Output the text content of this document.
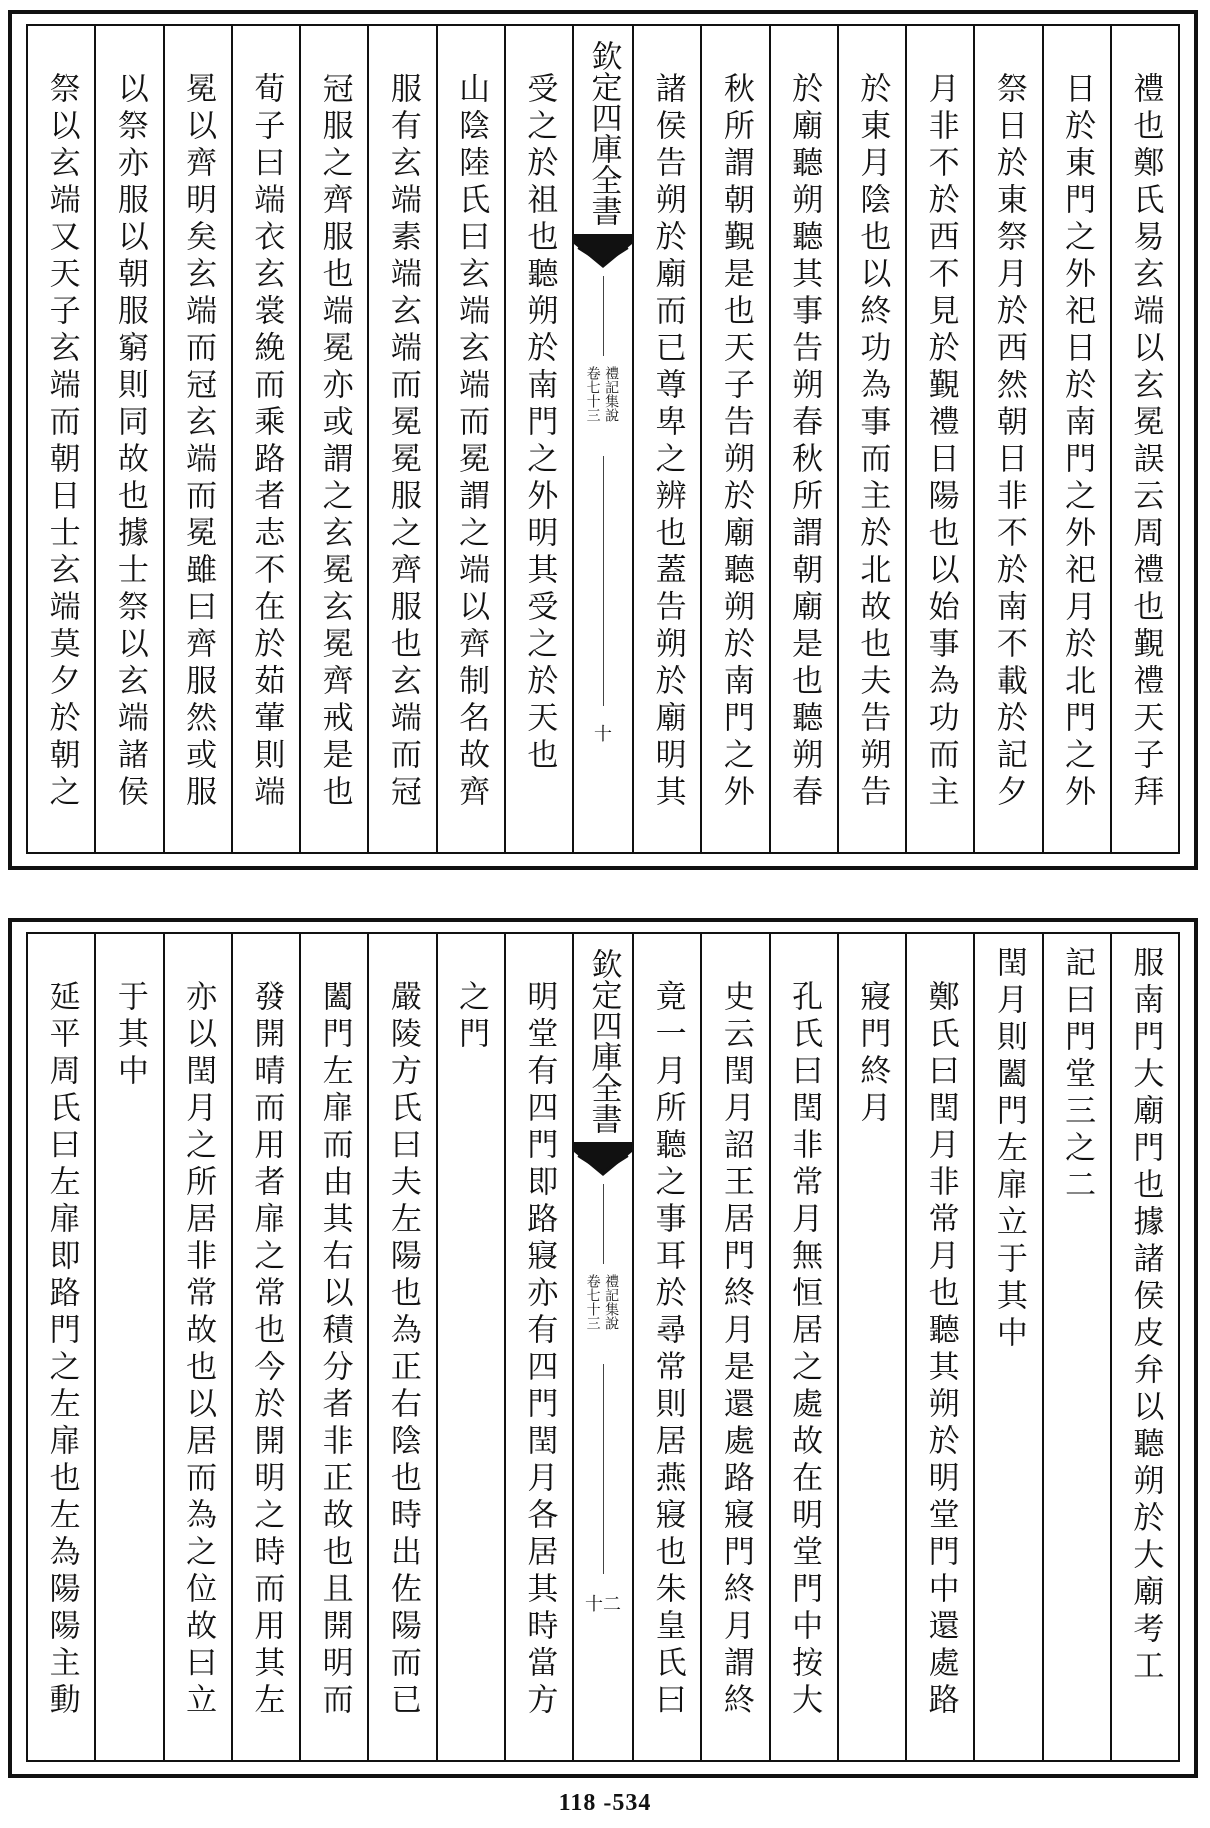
禮也鄭氏易玄端以玄冕誤云周禮也覲禮天子拜
日於東門之外祀日於南門之外祀月於北門之外
祭日於東祭月於西然朝日非不於南不載於記夕
月非不於西不見於覲禮日陽也以始事為功而主
於東月陰也以終功為事而主於北故也夫告朔告
於廟聽朔聽其事告朔春秋所謂朝廟是也聽朔春
秋所謂朝覲是也天子告朔於廟聽朔於南門之外
諸侯告朔於廟而已尊卑之辨也蓋告朔於廟明其
欽定四庫全書
禮記集說
卷七十三
十
受之於祖也聽朔於南門之外明其受之於天也
山陰陸氏曰玄端玄端而冕謂之端以齊制名故齊
服有玄端素端玄端而冕冕服之齊服也玄端而冠
冠服之齊服也端冕亦或謂之玄冕玄冕齊戒是也
荀子曰端衣玄裳絻而乘路者志不在於茹葷則端
冕以齊明矣玄端而冠玄端而冕雖曰齊服然或服
以祭亦服以朝服窮則同故也據士祭以玄端諸侯
祭以玄端又天子玄端而朝日士玄端莫夕於朝之
服南門大廟門也據諸侯皮弁以聽朔於大廟考工
記曰門堂三之二
閏月則闔門左扉立于其中
鄭氏曰閏月非常月也聽其朔於明堂門中還處路
寢門終月
孔氏曰閏非常月無恒居之處故在明堂門中按大
史云閏月詔王居門終月是還處路寢門終月謂終
竟一月所聽之事耳於尋常則居燕寢也朱皇氏曰
欽定四庫全書
禮記集說
卷七十三
十二
明堂有四門即路寢亦有四門閏月各居其時當方
之門
嚴陵方氏曰夫左陽也為正右陰也時出佐陽而已
闔門左扉而由其右以積分者非正故也且開明而
發開晴而用者扉之常也今於開明之時而用其左
亦以閏月之所居非常故也以居而為之位故曰立
于其中
延平周氏曰左扉即路門之左扉也左為陽陽主動
118 -534
